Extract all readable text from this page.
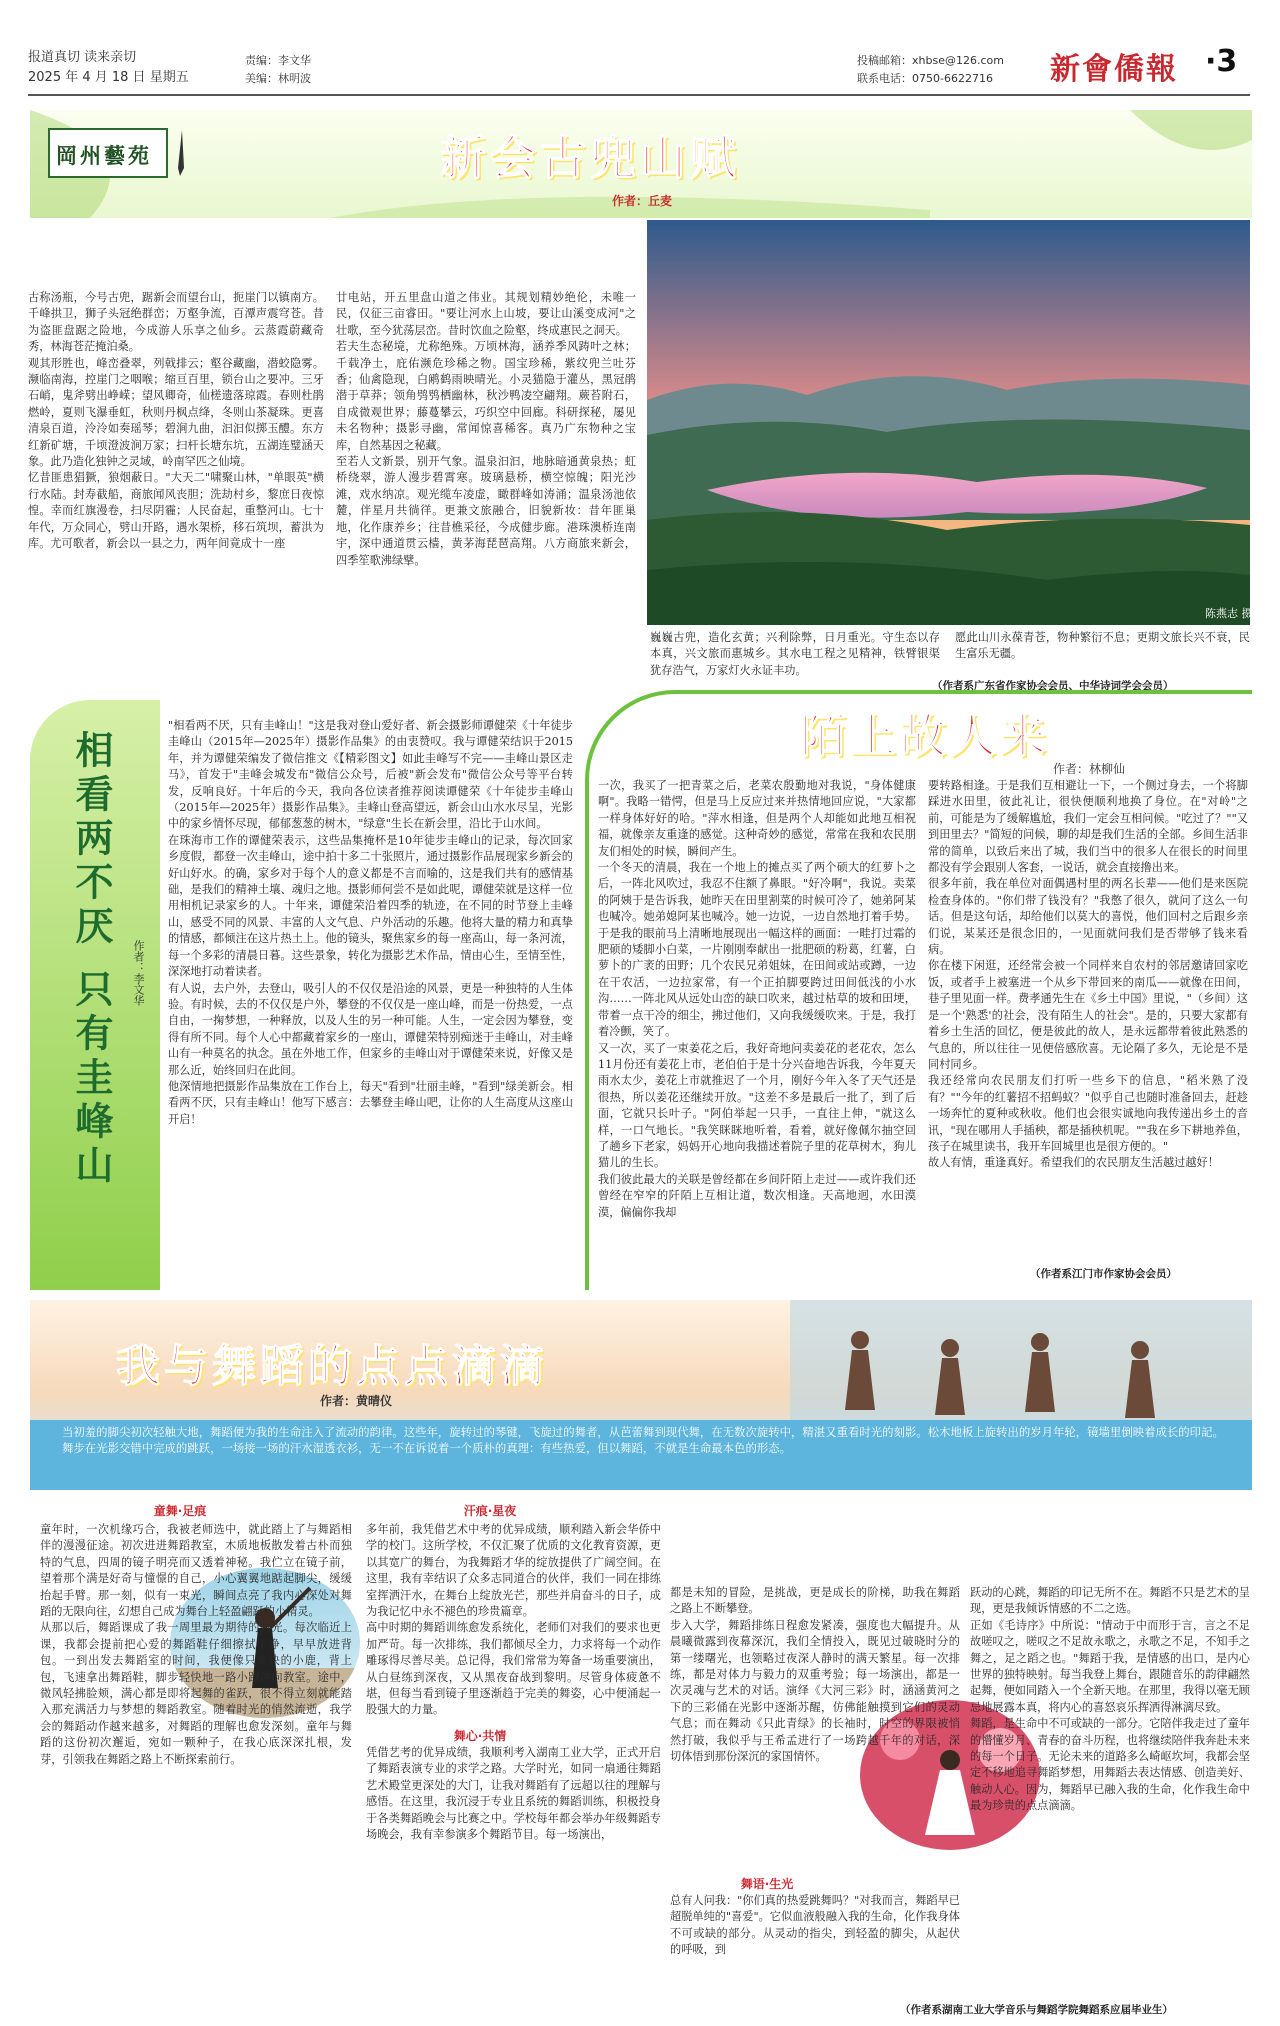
报道真切 读来亲切
2025 年 4 月 18 日 星期五
责编：李文华
美编：林明波
投稿邮箱：xhbse@126.com
联系电话：0750-6622716 新會僑報 ·3
岡州藝苑	新会古兜山赋
作者：丘麦
陈燕志 摄
古称汤瓶，今号古兜，踞新会而望台山，扼崖门以镇南方。千峰拱卫，狮子头冠绝群峦；万壑争流，百潭声震穹苍。昔为盗匪盘踞之险地，今成游人乐享之仙乡。云蒸霞蔚藏奇秀，林海苍茫掩泊桑。
观其形胜也，峰峦叠翠，列戟排云；壑谷藏幽，潜蛟隐雾。濒临南海，控崖门之咽喉；缩亘百里，锁台山之要冲。三牙石峭，鬼斧劈出峥嵘；望风卿奇，仙槎遗落琼霞。春则杜鹃燃岭，夏则飞瀑垂虹，秋则丹枫点绛，冬则山茶凝珠。更喜清泉百道，泠泠如奏瑶琴；碧涧九曲，汩汩似掷玉醴。东方红新矿塘，千顷澄波涧万家；扫杆长塘东坑，五湖连璧涵天象。此乃造化独钟之灵域，岭南罕匹之仙境。
忆昔匪患猖獗，狼烟蔽日。"大天二"啸聚山林，"单眼英"横行水陆。封寿截船，商旅闻风丧胆；洗劫村乡，黎庶日夜惊惶。幸而红旗漫卷，扫尽阴霾；人民奋起，重整河山。七十年代，万众同心，劈山开路，遇水架桥，移石筑坝，蓄洪为库。尤可歌者，新会以一县之力，两年间竟成十一座
廿电站，开五里盘山道之伟业。其规划精妙绝伦，未唯一民，仅征三亩睿田。"要让河水上山坡，要让山溪变成河"之壮歌，至今犹荡层峦。昔时饮血之险壑，终成惠民之洞天。
若夫生态秘境，尤称绝殊。万顷林海，涵养季风踌叶之林；千载净土，庇佑濒危珍稀之物。国宝珍稀，紫纹兜兰吐芬香；仙禽隐现，白鹇鹤雨映晴光。小灵猫隐于灌丛，黑冠鹃潜于草莽；领角鸮鸮栖幽林，秋沙鸭凌空翩翔。蕨苔附石，自成微观世界；藤蔓攀云，巧织空中回廊。科研探秘，屡见未名物种；摄影寻幽，常闻惊喜稀客。真乃广东物种之宝库，自然基因之秘藏。
至若人文新景，别开气象。温泉汩汩，地脉暗通黄泉热；虹桥绕翠，游人漫步碧霄寒。玻璃悬桥，横空惊魄；阳光沙滩，戏水纳凉。观光缆车凌虚，瞰群峰如涛涌；温泉汤池依麓，伴星月共徜徉。更兼文旅融合，旧貌新妆：昔年匪巢地，化作康养乡；往昔樵采径，今成健步廊。港珠澳桥连南宇，深中通道贯云樯，黄茅海琵琶高翔。八方商旅来新会，四季笙歌沸绿擘。
巍巍古兜，造化玄黄；兴利除弊，日月重光。守生态以存本真，兴文旅而惠城乡。其水电工程之见精神，铁臂银渠犹存浩气，万家灯火永证丰功。
愿此山川永葆青苍，物种繁衍不息；更期文旅长兴不衰，民生富乐无疆。
（作者系广东省作家协会会员、中华诗词学会会员）
相看两不厌 只有圭峰山	作者：李文华
"相看两不厌，只有圭峰山！"这是我对登山爱好者、新会摄影师谭健荣《十年徒步圭峰山（2015年—2025年）摄影作品集》的由衷赞叹。我与谭健荣结识于2015年，并为谭健荣编发了微信推文《【精彩图文】如此圭峰写不完——圭峰山景区走马》，首发于"圭峰会城发布"微信公众号，后被"新会发布"微信公众号等平台转发，反响良好。十年后的今天，我向各位读者推荐阅读谭健荣《十年徒步圭峰山（2015年—2025年）摄影作品集》。圭峰山登高望远，新会山山水水尽呈，光影中的家乡情怀尽现，郁郁葱葱的树木，"绿意"生长在新会里，沿比于山水间。
在珠海市工作的谭健荣表示，这些品集掩杯是10年徒步圭峰山的记录，每次回家乡度假，都登一次圭峰山，途中拍十多二十张照片，通过摄影作品展现家乡新会的好山好水。的确，家乡对于每个人的意义都是不言而喻的，这是我们共有的感情基础，是我们的精神土壤、魂归之地。摄影师何尝不是如此呢，谭健荣就是这样一位用相机记录家乡的人。十年来，谭健荣沿着四季的轨迹，在不同的时节登上圭峰山，感受不同的风景、丰富的人文气息、户外活动的乐趣。他将大量的精力和真挚的情感，都倾注在这片热土上。他的镜头，聚焦家乡的每一座高山，每一条河流，每一个多彩的清晨日暮。这些景象，转化为摄影艺术作品，情由心生，至情至性，深深地打动着读者。
有人说，去户外，去登山，吸引人的不仅仅是沿途的风景，更是一种独特的人生体验。有时候，去的不仅仅是户外，攀登的不仅仅是一座山峰，而是一份热爱，一点自由，一掬梦想，一种释放，以及人生的另一种可能。人生，一定会因为攀登，变得有所不同。每个人心中都藏着家乡的一座山，谭健荣特别痴迷于圭峰山，对圭峰山有一种莫名的执念。虽在外地工作，但家乡的圭峰山对于谭健荣来说，好像又是那么近，始终回归在此间。
他深情地把摄影作品集放在工作台上，每天"看到"壮丽圭峰，"看到"绿美新会。相看两不厌，只有圭峰山！他写下感言：去攀登圭峰山吧，让你的人生高度从这座山开启！
陌上故人来
作者：林柳仙
一次，我买了一把青菜之后，老菜农殷勤地对我说，"身体健康啊"。我略一错愕，但是马上反应过来并热情地回应说，"大家都一样身体好好的哈。"萍水相逢，但是两个人却能如此地互相祝福，就像亲友重逢的感觉。这种奇妙的感觉，常常在我和农民朋友们相处的时候，瞬间产生。
一个冬天的清晨，我在一个地上的摊点买了两个硕大的红萝卜之后，一阵北风吹过，我忍不住额了鼻眼。"好冷啊"，我说。卖菜的阿姨于是告诉我，她昨天在田里割菜的时候可冷了，她弟阿某也喊冷。她弟媳阿某也喊冷。她一边说，一边自然地打着手势。于是我的眼前马上清晰地展现出一幅这样的画面：一畦打过霜的肥硕的矮脚小白菜，一片刚刚奉献出一批肥硕的粉葛，红薯，白萝卜的广袤的田野；几个农民兄弟姐妹，在田间或站或蹲，一边在干农活，一边拉家常，有一个正拍脚要跨过田间低浅的小水沟……一阵北风从远处山峦的缺口吹来，越过枯草的坡和田埂，带着一点干冷的细尘，拂过他们，又向我缓缓吹来。于是，我打着冷颤，笑了。
又一次，买了一束姜花之后，我好奇地问卖姜花的老花农，怎么11月份还有姜花上市，老伯伯于是十分兴奋地告诉我，今年夏天雨水太少，姜花上市就推迟了一个月，刚好今年入冬了天气还是很热，所以姜花还继续开放。"这差不多是最后一批了，到了后面，它就只长叶子。"阿伯举起一只手，一直往上伸，"就这么样，一口气地长。"我笑眯眯地听着，看着，就好像佩尔抽空回了趟乡下老家，妈妈开心地向我描述着院子里的花草树木，狗儿猫儿的生长。
我们彼此最大的关联是曾经都在乡间阡陌上走过——或许我们还曾经在窄窄的阡陌上互相让道，数次相逢。天高地迥，水田漠漠，偏偏你我却
要转路相逢。于是我们互相避让一下，一个侧过身去，一个将脚踩进水田里，彼此礼让，很快便顺利地换了身位。在"对岭"之前，可能是为了缓解尴尬，我们一定会互相问候。"吃过了？""又到田里去？"简短的问候，聊的却是我们生活的全部。乡间生活非常的简单，以致后来出了城，我们当中的很多人在很长的时间里都没有学会跟别人客套，一说话，就会直接撸出来。
很多年前，我在单位对面偶遇村里的两名长辈——他们是来医院检查身体的。"你们带了钱没有？"我憋了很久，就问了这么一句话。但是这句话，却给他们以莫大的喜悦，他们回村之后跟乡亲们说，某某还是很念旧的，一见面就问我们是否带够了钱来看病。
你在楼下闲逛，还经常会被一个同样来自农村的邻居邀请回家吃饭，或者手上被塞进一个从乡下带回来的南瓜——就像在田间，巷子里见面一样。费孝通先生在《乡土中国》里说，"（乡间）这是一个'熟悉'的社会，没有陌生人的社会"。是的，只要大家都有着乡土生活的回忆，便是彼此的故人，是永远都带着彼此熟悉的气息的，所以往往一见便倍感欣喜。无论隔了多久，无论是不是同村同乡。
我还经常向农民朋友们打听一些乡下的信息，"稻米熟了没有？""今年的红薯招不招蚂蚁？"似乎自己也随时准备回去，赶趁一场奔忙的夏种或秋收。他们也会很实诚地向我传递出乡土的音讯，"现在哪用人手插秧，都是插秧机呢。""我在乡下耕地养鱼，孩子在城里读书，我开车回城里也是很方便的。"
故人有情，重逢真好。希望我们的农民朋友生活越过越好！
（作者系江门市作家协会会员）
我与舞蹈的点点滴滴
作者：黄晴仪
当初羞的脚尖初次轻触大地，舞蹈便为我的生命注入了流动的韵律。这些年，旋转过的琴键，飞旋过的舞者，从芭蕾舞到现代舞，在无数次旋转中，精湛又重看时光的刻影。松木地板上旋转出的岁月年轮，镜墙里倒映着成长的印記。舞步在光影交错中完成的跳跃，一场接一场的汗水湿透衣衫，无一不在诉说着一个质朴的真理：有些热爱，但以舞蹈，不就是生命最本色的形态。
童舞·足痕	汗痕·星夜
舞心·共情
舞语·生光
童年时，一次机缘巧合，我被老师选中，就此踏上了与舞蹈相伴的漫漫征途。初次进进舞蹈教室，木质地板散发着古朴而独特的气息，四周的镜子明亮而又透着神秘。我伫立在镜子前，望着那个满是好奇与憧憬的自己，小心翼翼地踮起脚尖，缓缓抬起手臂。那一刻，似有一束光，瞬间点亮了我内心深处对舞蹈的无限向往，幻想自己成为舞台上轻盈翩跹的小精灵。
从那以后，舞蹈课成了我一周里最为期待的时光。每次临近上课，我都会提前把心爱的舞蹈鞋仔细擦拭干净，早早放进背包。一到出发去舞蹈室的时间，我便像只欢快的小鹿，背上包，飞速拿出舞蹈鞋，脚步轻快地一路小跑冲向教室。途中，微风轻拂脸颊，满心都是即将起舞的雀跃，很不得立刻就能踏入那充满活力与梦想的舞蹈教室。随着时光的悄然流逝，我学会的舞蹈动作越来越多，对舞蹈的理解也愈发深刻。童年与舞蹈的这份初次邂逅，宛如一颗种子，在我心底深深扎根，发芽，引领我在舞蹈之路上不断探索前行。
多年前，我凭借艺术中考的优异成绩，顺利踏入新会华侨中学的校门。这所学校，不仅汇聚了优质的文化教育资源，更以其宽广的舞台，为我舞蹈才华的绽放提供了广阔空间。在这里，我有幸结识了众多志同道合的伙伴，我们一同在排练室挥洒汗水，在舞台上绽放光芒，那些并肩奋斗的日子，成为我记忆中永不褪色的珍贵篇章。
高中时期的舞蹈训练愈发系统化，老师们对我们的要求也更加严苛。每一次排练，我们都倾尽全力，力求将每一个动作雕琢得尽善尽美。总记得，我们常常为筹备一场重要演出，从白昼练到深夜，又从黑夜奋战到黎明。尽管身体疲惫不堪，但每当看到镜子里逐渐趋于完美的舞姿，心中便涌起一股强大的力量。
凭借艺考的优异成绩，我顺利考入湖南工业大学，正式开启了舞蹈表演专业的求学之路。大学时光，如同一扇通往舞蹈艺术殿堂更深处的大门，让我对舞蹈有了远超以往的理解与感悟。在这里，我沉浸于专业且系统的舞蹈训练，积极投身于各类舞蹈晚会与比赛之中。学校每年都会举办年级舞蹈专场晚会，我有幸参演多个舞蹈节目。每一场演出，
都是未知的冒险，是挑战，更是成长的阶梯，助我在舞蹈之路上不断攀登。
步入大学，舞蹈排练日程愈发紧凑，强度也大幅提升。从晨曦微露到夜幕深沉，我们全情投入，既见过破晓时分的第一缕曙光，也领略过夜深人静时的满天繁星。每一次排练，都是对体力与毅力的双重考验；每一场演出，都是一次灵魂与艺术的对话。演绎《大河三彩》时，涵涵黄河之下的三彩俑在光影中逐渐苏醒，仿佛能触摸到它们的灵动气息；而在舞动《只此青绿》的长袖时，时空的界限被悄然打破，我似乎与王希孟进行了一场跨越千年的对话，深切体悟到那份深沉的家国情怀。
总有人问我："你们真的热爱跳舞吗？"对我而言，舞蹈早已超脱单纯的"喜爱"。它似血液般融入我的生命，化作我身体不可或缺的部分。从灵动的指尖，到轻盈的脚尖，从起伏的呼吸，到
跃动的心跳，舞蹈的印记无所不在。舞蹈不只是艺术的呈现，更是我倾诉情感的不二之选。
正如《毛诗序》中所说："情动于中而形于言，言之不足故嗟叹之，嗟叹之不足故永歌之，永歌之不足，不知手之舞之，足之蹈之也。"舞蹈于我，是情感的出口，是内心世界的独特映射。每当我登上舞台，跟随音乐的韵律翩然起舞，便如同踏入一个全新天地。在那里，我得以毫无顾忌地展露本真，将内心的喜怒哀乐挥洒得淋漓尽致。
舞蹈，是生命中不可或缺的一部分。它陪伴我走过了童年的懵懂岁月、青春的奋斗历程，也将继续陪伴我奔赴未来的每一个日子。无论未来的道路多么崎岖坎坷，我都会坚定不移地追寻舞蹈梦想，用舞蹈去表达情感、创造美好、触动人心。因为，舞蹈早已融入我的生命，化作我生命中最为珍贵的点点滴滴。
（作者系湖南工业大学音乐与舞蹈学院舞蹈系应届毕业生）
